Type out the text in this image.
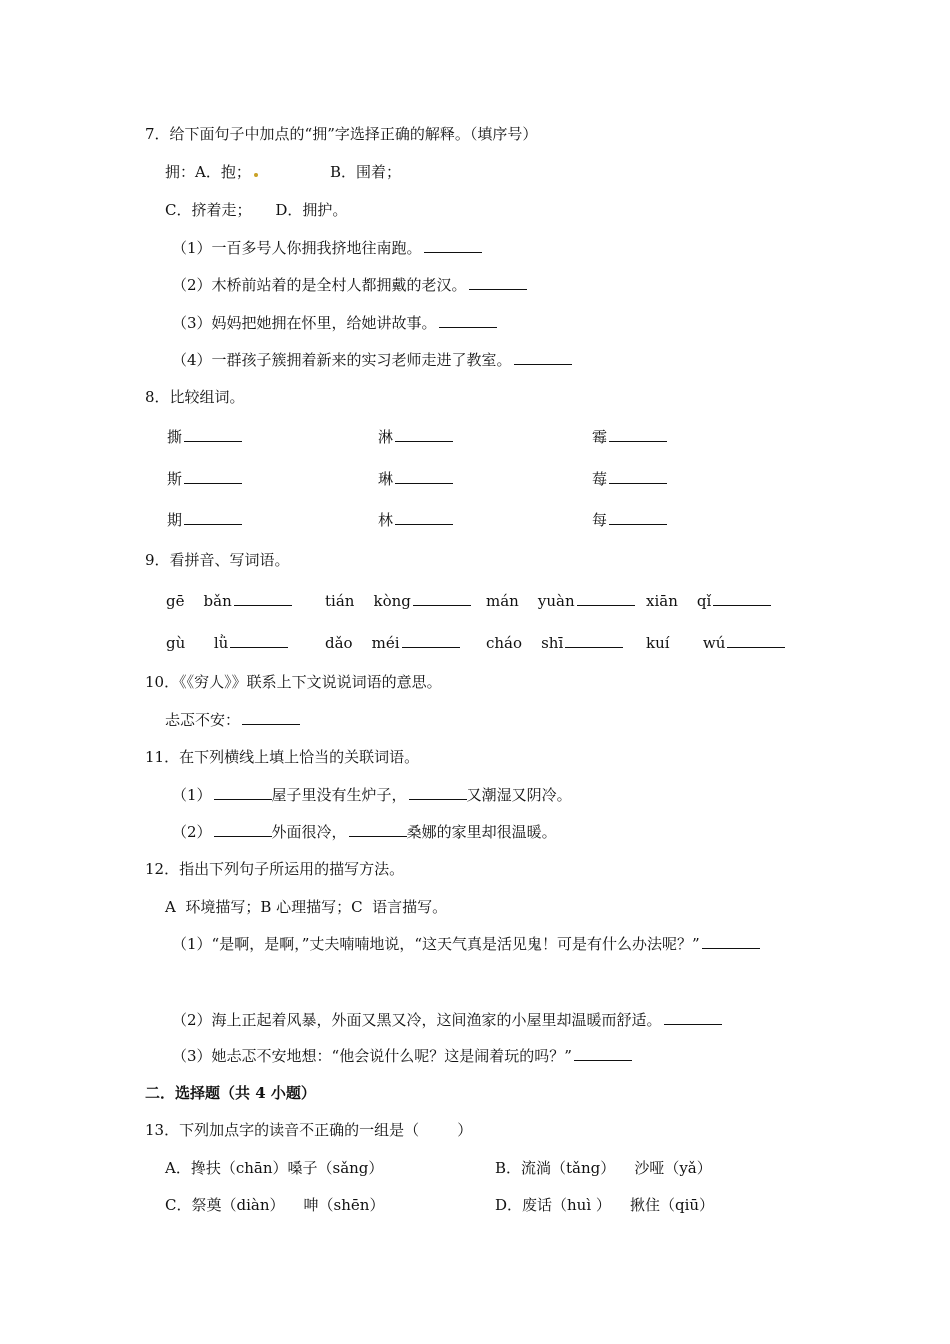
7．给下面句子中加点的“拥”字选择正确的解释。（填序号）
拥：A．抱；	B．围着；
C．挤着走；     D．拥护。
（1）一百多号人你拥我挤地往南跑。
（2）木桥前站着的是全村人都拥戴的老汉。
（3）妈妈把她拥在怀里，给她讲故事。
（4）一群孩子簇拥着新来的实习老师走进了教室。
8．比较组词。
撕	淋	霉
斯	琳	莓
期	林	每
9．看拼音、写词语。
gē    bǎn	tián    kòng	mán    yuàn	xiān    qǐ
gù      lǜ	dǎo    méi	cháo    shī	kuí       wú
10．《《穷人》》联系上下文说说词语的意思。
忐忑不安：
11．在下列横线上填上恰当的关联词语。
（1）	屋子里没有生炉子，	又潮湿又阴冷。
（2）	外面很冷，	桑娜的家里却很温暖。
12．指出下列句子所运用的描写方法。
A  环境描写；B 心理描写；C  语言描写。
（1）“是啊，是啊，”丈夫喃喃地说，“这天气真是活见鬼！可是有什么办法呢？”
（2）海上正起着风暴，外面又黑又冷，这间渔家的小屋里却温暖而舒适。
（3）她忐忑不安地想：“他会说什么呢？这是闹着玩的吗？”
二．选择题（共 4 小题）
13．下列加点字的读音不正确的一组是（        ）
A．搀扶（chān）嗓子（sǎng）	B．流淌（tǎng）    沙哑（yǎ）
C．祭奠（diàn）    呻（shēn）	D．废话（huì ）    揪住（qiū）
